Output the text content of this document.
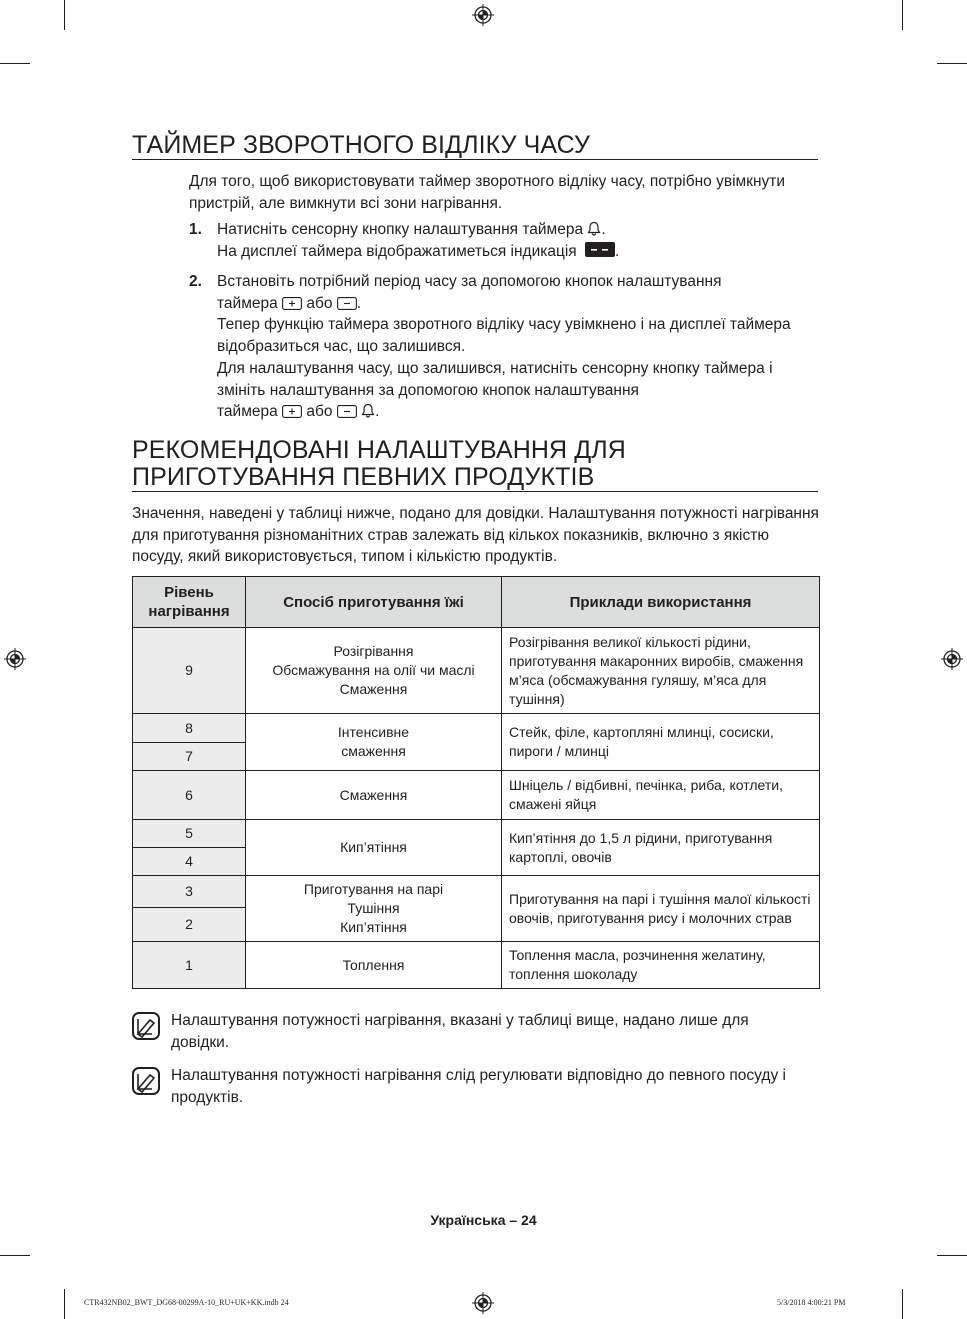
ТАЙМЕР ЗВОРОТНОГО ВІДЛІКУ ЧАСУ

Для того, щоб використовувати таймер зворотного відліку часу, потрібно увімкнути пристрій, але вимкнути всі зони нагрівання.

1. Натисніть сенсорну кнопку налаштування таймера .
На дисплеї таймера відображатиметься індикація .
2. Встановіть потрібний період часу за допомогою кнопок налаштування
таймера або .
Тепер функцію таймера зворотного відліку часу увімкнено і на дисплеї таймера відобразиться час, що залишився.
Для налаштування часу, що залишився, натисніть сенсорну кнопку таймера і змініть налаштування за допомогою кнопок налаштування
таймера або	.
РЕКОМЕНДОВАНІ НАЛАШТУВАННЯ ДЛЯ
ПРИГОТУВАННЯ ПЕВНИХ ПРОДУКТІВ

Значення, наведені у таблиці нижче, подано для довідки. Налаштування потужності нагрівання для приготування різноманітних страв залежать від кількох показників, включно з якістю посуду, який використовується, типом і кількістю продуктів.

Рівень
нагрівання	Спосіб приготування їжі	Приклади використання
9	Розігрівання
Обсмажування на олії чи маслі
Смаження	Розігрівання великої кількості рідини, приготування макаронних виробів, смаження м’яса (обсмажування гуляшу, м’яса для тушіння)
8	Інтенсивне
смаження	Стейк, філе, картопляні млинці, сосиски, пироги / млинці
7		
6	Смаження	Шніцель / відбивні, печінка, риба, котлети, смажені яйця
5	Кип’ятіння	Кип’ятіння до 1,5 л рідини, приготування картоплі, овочів
4		
3	Приготування на парі
Тушіння
Кип’ятіння	Приготування на парі і тушіння малої кількості овочів, приготування рису і молочних страв
2		
1	Топлення	Топлення масла, розчинення желатину, топлення шоколаду
Налаштування потужності нагрівання, вказані у таблиці вище, надано лише для довідки.
Налаштування потужності нагрівання слід регулювати відповідно до певного посуду і продуктів.
Українська – 24
CTR432NB02_BWT_DG68-00299A-10_RU+UK+KK.indb 24	5/3/2018 4:00:21 PM
